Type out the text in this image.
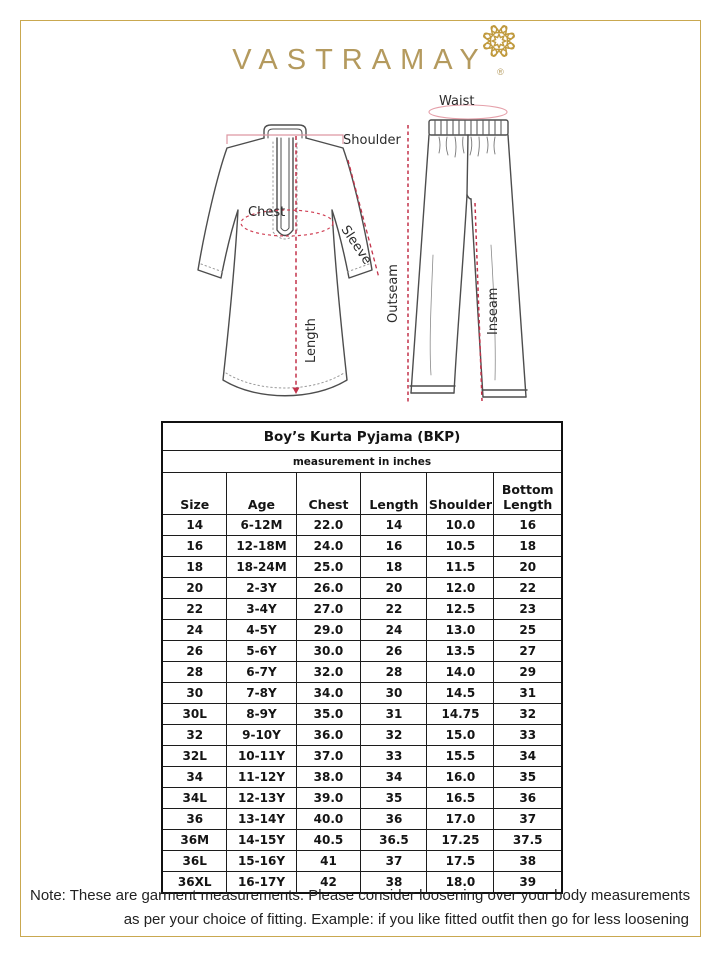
VASTRAMAY ®
Shoulder
Chest
Sleeve
Length
Waist
Outseam	Inseam
Boy’s Kurta Pyjama (BKP)					
measurement in inches					
Size	Age	Chest	Length	Shoulder	Bottom Length
14	6-12M	22.0	14	10.0	16
16	12-18M	24.0	16	10.5	18
18	18-24M	25.0	18	11.5	20
20	2-3Y	26.0	20	12.0	22
22	3-4Y	27.0	22	12.5	23
24	4-5Y	29.0	24	13.0	25
26	5-6Y	30.0	26	13.5	27
28	6-7Y	32.0	28	14.0	29
30	7-8Y	34.0	30	14.5	31
30L	8-9Y	35.0	31	14.75	32
32	9-10Y	36.0	32	15.0	33
32L	10-11Y	37.0	33	15.5	34
34	11-12Y	38.0	34	16.0	35
34L	12-13Y	39.0	35	16.5	36
36	13-14Y	40.0	36	17.0	37
36M	14-15Y	40.5	36.5	17.25	37.5
36L	15-16Y	41	37	17.5	38
36XL	16-17Y	42	38	18.0	39
Note: These are garment measurements. Please consider loosening over your body measurements
as per your choice of fitting. Example: if you like fitted outfit then go for less loosening
